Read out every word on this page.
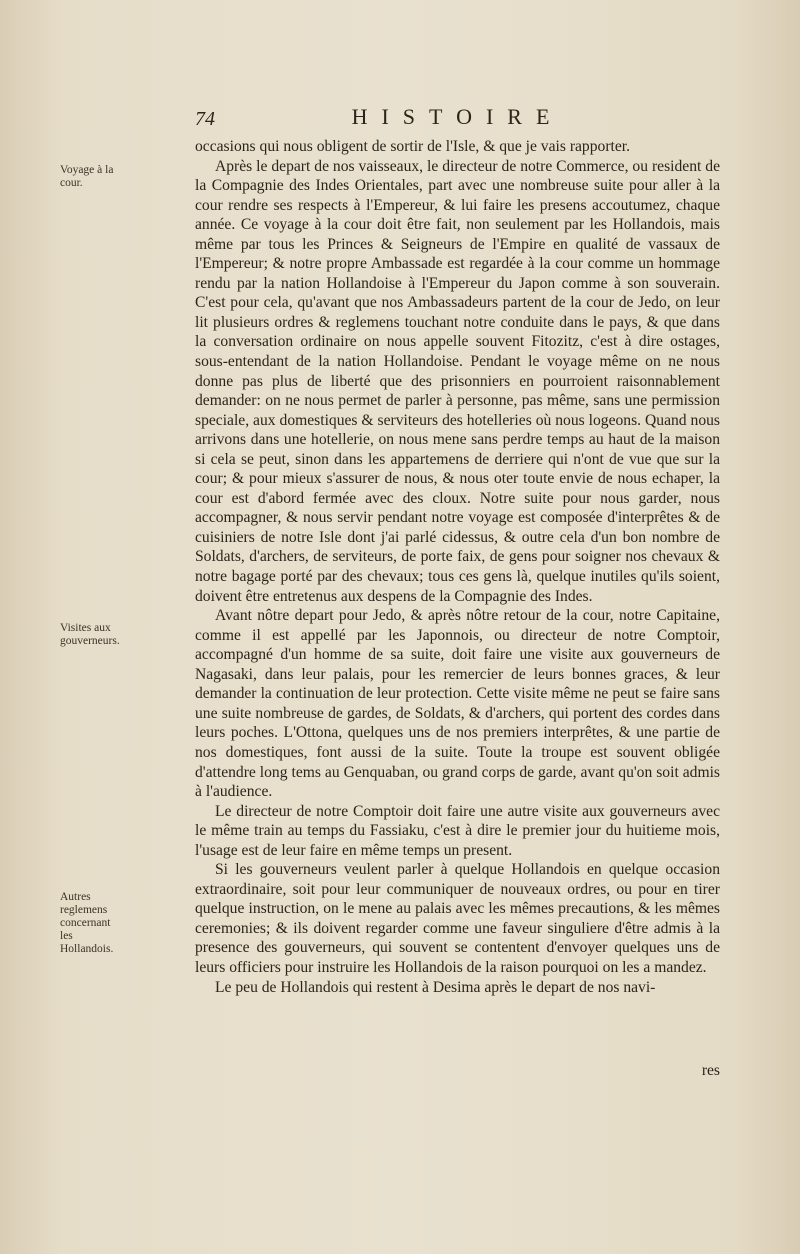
74	HISTOIRE
Voyage à la cour.
Visites aux gouverneurs.
Autres reglemens concernant les Hollandois.

occasions qui nous obligent de sortir de l'Isle, & que je vais rapporter.

Après le depart de nos vaisseaux, le directeur de notre Commerce, ou resident de la Compagnie des Indes Orientales, part avec une nombreuse suite pour aller à la cour rendre ses respects à l'Empereur, & lui faire les presens accoutumez, chaque année. Ce voyage à la cour doit être fait, non seulement par les Hollandois, mais même par tous les Princes & Seigneurs de l'Empire en qualité de vassaux de l'Empereur; & notre propre Ambassade est regardée à la cour comme un hommage rendu par la nation Hollandoise à l'Empereur du Japon comme à son souverain. C'est pour cela, qu'avant que nos Ambassadeurs partent de la cour de Jedo, on leur lit plusieurs ordres & reglemens touchant notre conduite dans le pays, & que dans la conversation ordinaire on nous appelle souvent Fitozitz, c'est à dire ostages, sous-entendant de la nation Hollandoise. Pendant le voyage même on ne nous donne pas plus de liberté que des prisonniers en pourroient raisonnablement demander: on ne nous permet de parler à personne, pas même, sans une permission speciale, aux domestiques & serviteurs des hotelleries où nous logeons. Quand nous arrivons dans une hotellerie, on nous mene sans perdre temps au haut de la maison si cela se peut, sinon dans les appartemens de derriere qui n'ont de vue que sur la cour; & pour mieux s'assurer de nous, & nous oter toute envie de nous echaper, la cour est d'abord fermée avec des cloux. Notre suite pour nous garder, nous accompagner, & nous servir pendant notre voyage est composée d'interprêtes & de cuisiniers de notre Isle dont j'ai parlé cidessus, & outre cela d'un bon nombre de Soldats, d'archers, de serviteurs, de porte faix, de gens pour soigner nos chevaux & notre bagage porté par des chevaux; tous ces gens là, quelque inutiles qu'ils soient, doivent être entretenus aux despens de la Compagnie des Indes.

Avant nôtre depart pour Jedo, & après nôtre retour de la cour, notre Capitaine, comme il est appellé par les Japonnois, ou directeur de notre Comptoir, accompagné d'un homme de sa suite, doit faire une visite aux gouverneurs de Nagasaki, dans leur palais, pour les remercier de leurs bonnes graces, & leur demander la continuation de leur protection. Cette visite même ne peut se faire sans une suite nombreuse de gardes, de Soldats, & d'archers, qui portent des cordes dans leurs poches. L'Ottona, quelques uns de nos premiers interprêtes, & une partie de nos domestiques, font aussi de la suite. Toute la troupe est souvent obligée d'attendre long tems au Genquaban, ou grand corps de garde, avant qu'on soit admis à l'audience.

Le directeur de notre Comptoir doit faire une autre visite aux gouverneurs avec le même train au temps du Fassiaku, c'est à dire le premier jour du huitieme mois, l'usage est de leur faire en même temps un present.

Si les gouverneurs veulent parler à quelque Hollandois en quelque occasion extraordinaire, soit pour leur communiquer de nouveaux ordres, ou pour en tirer quelque instruction, on le mene au palais avec les mêmes precautions, & les mêmes ceremonies; & ils doivent regarder comme une faveur singuliere d'être admis à la presence des gouverneurs, qui souvent se contentent d'envoyer quelques uns de leurs officiers pour instruire les Hollandois de la raison pourquoi on les a mandez.

Le peu de Hollandois qui restent à Desima après le depart de nos navi-

res
